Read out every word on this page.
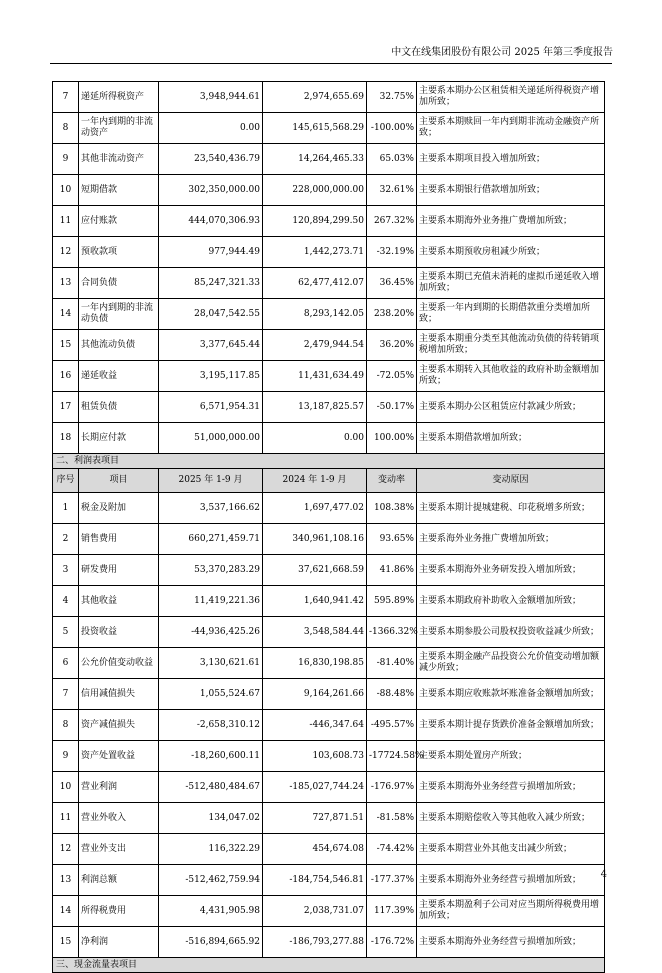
中文在线集团股份有限公司 2025 年第三季度报告
7	递延所得税资产	3,948,944.61	2,974,655.69	32.75%	主要系本期办公区租赁相关递延所得税资产增加所致；
8	一年内到期的非流动资产	0.00	145,615,568.29	-100.00%	主要系本期赎回一年内到期非流动金融资产所致；
9	其他非流动资产	23,540,436.79	14,264,465.33	65.03%	主要系本期项目投入增加所致；
10	短期借款	302,350,000.00	228,000,000.00	32.61%	主要系本期银行借款增加所致；
11	应付账款	444,070,306.93	120,894,299.50	267.32%	主要系本期海外业务推广费增加所致；
12	预收款项	977,944.49	1,442,273.71	-32.19%	主要系本期预收房租减少所致；
13	合同负债	85,247,321.33	62,477,412.07	36.45%	主要系本期已充值未消耗的虚拟币递延收入增加所致；
14	一年内到期的非流动负债	28,047,542.55	8,293,142.05	238.20%	主要系一年内到期的长期借款重分类增加所致；
15	其他流动负债	3,377,645.44	2,479,944.54	36.20%	主要系本期重分类至其他流动负债的待转销项税增加所致；
16	递延收益	3,195,117.85	11,431,634.49	-72.05%	主要系本期转入其他收益的政府补助金额增加所致；
17	租赁负债	6,571,954.31	13,187,825.57	-50.17%	主要系本期办公区租赁应付款减少所致；
18	长期应付款	51,000,000.00	0.00	100.00%	主要系本期借款增加所致；
二、利润表项目					
序号	项目	2025 年 1-9 月	2024 年 1-9 月	变动率	变动原因
1	税金及附加	3,537,166.62	1,697,477.02	108.38%	主要系本期计提城建税、印花税增多所致；
2	销售费用	660,271,459.71	340,961,108.16	93.65%	主要系海外业务推广费增加所致；
3	研发费用	53,370,283.29	37,621,668.59	41.86%	主要系本期海外业务研发投入增加所致；
4	其他收益	11,419,221.36	1,640,941.42	595.89%	主要系本期政府补助收入金额增加所致；
5	投资收益	-44,936,425.26	3,548,584.44	-1366.32%	主要系本期参股公司股权投资收益减少所致；
6	公允价值变动收益	3,130,621.61	16,830,198.85	-81.40%	主要系本期金融产品投资公允价值变动增加额减少所致；
7	信用减值损失	1,055,524.67	9,164,261.66	-88.48%	主要系本期应收账款坏账准备金额增加所致；
8	资产减值损失	-2,658,310.12	-446,347.64	-495.57%	主要系本期计提存货跌价准备金额增加所致；
9	资产处置收益	-18,260,600.11	103,608.73	-17724.58%	主要系本期处置房产所致；
10	营业利润	-512,480,484.67	-185,027,744.24	-176.97%	主要系本期海外业务经营亏损增加所致；
11	营业外收入	134,047.02	727,871.51	-81.58%	主要系本期赔偿收入等其他收入减少所致；
12	营业外支出	116,322.29	454,674.08	-74.42%	主要系本期营业外其他支出减少所致；
13	利润总额	-512,462,759.94	-184,754,546.81	-177.37%	主要系本期海外业务经营亏损增加所致；
14	所得税费用	4,431,905.98	2,038,731.07	117.39%	主要系本期盈利子公司对应当期所得税费用增加所致；
15	净利润	-516,894,665.92	-186,793,277.88	-176.72%	主要系本期海外业务经营亏损增加所致；
三、现金流量表项目					
4
